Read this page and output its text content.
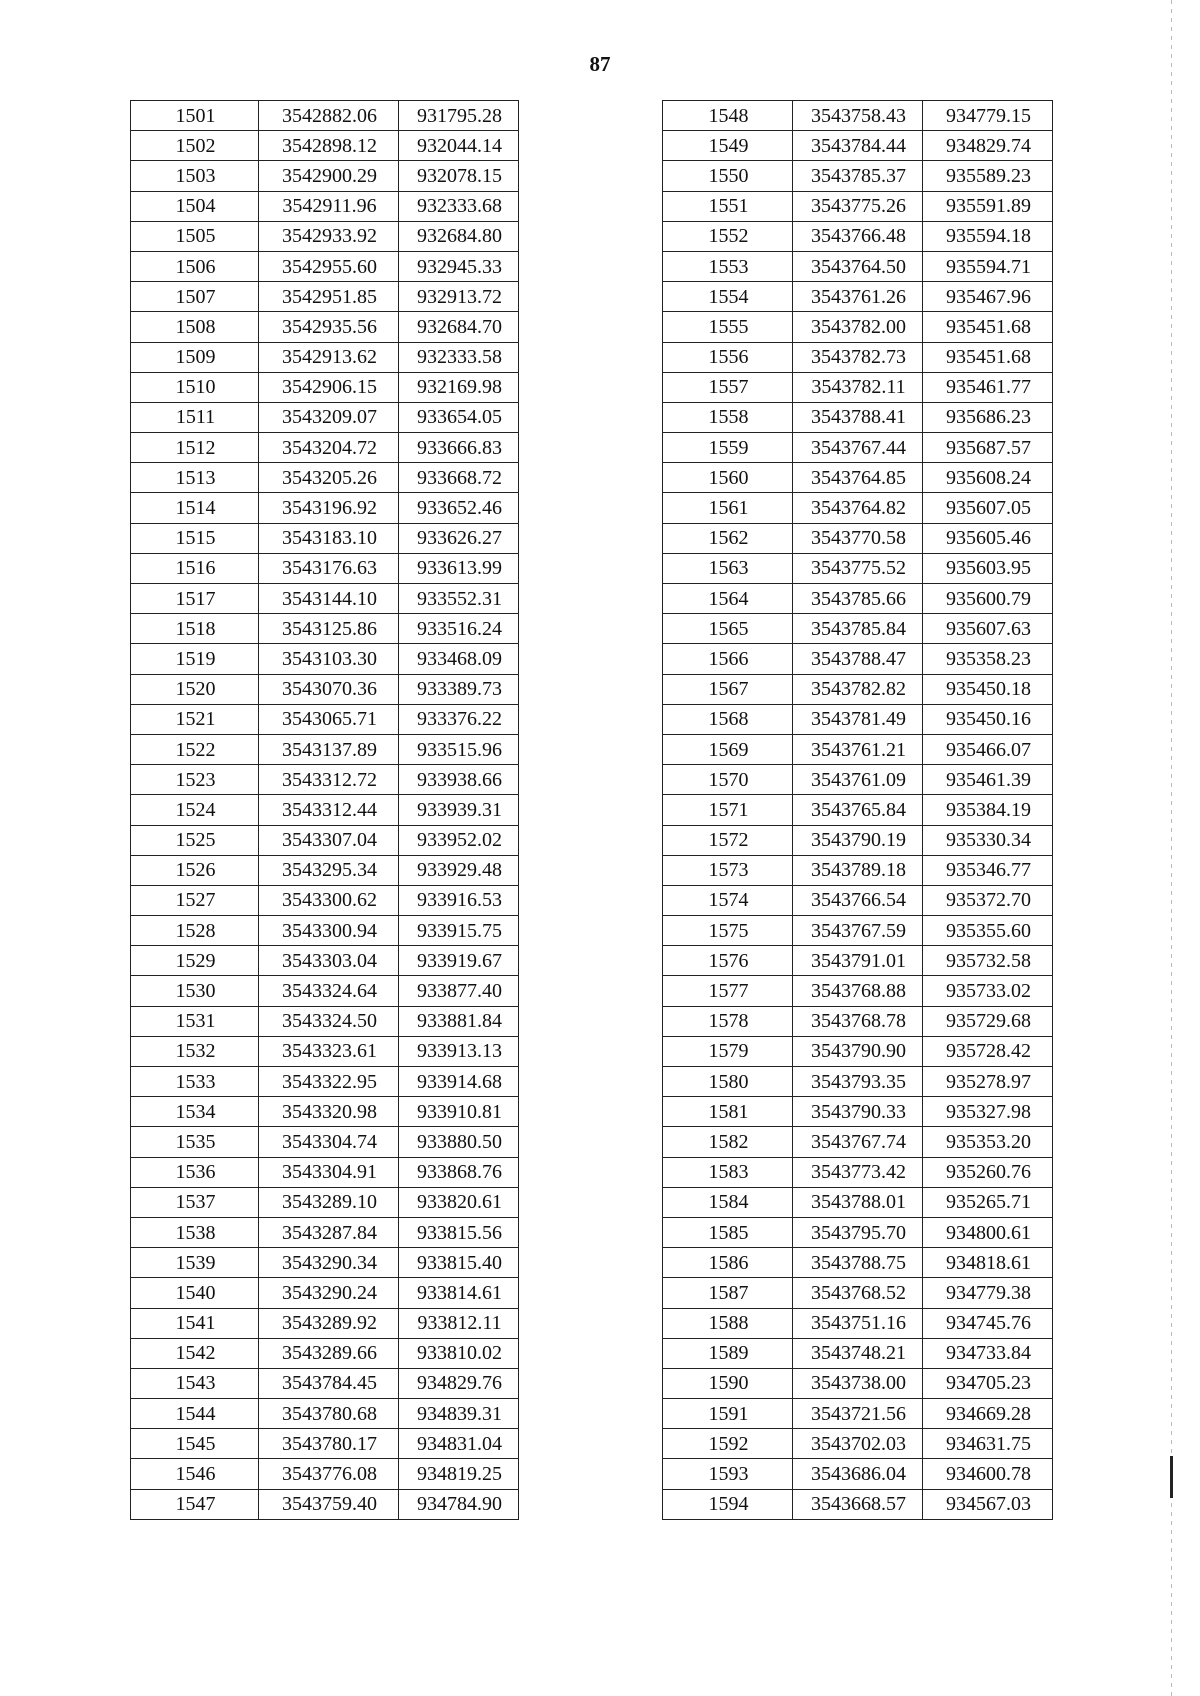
87
1501	3542882.06	931795.28
1502	3542898.12	932044.14
1503	3542900.29	932078.15
1504	3542911.96	932333.68
1505	3542933.92	932684.80
1506	3542955.60	932945.33
1507	3542951.85	932913.72
1508	3542935.56	932684.70
1509	3542913.62	932333.58
1510	3542906.15	932169.98
1511	3543209.07	933654.05
1512	3543204.72	933666.83
1513	3543205.26	933668.72
1514	3543196.92	933652.46
1515	3543183.10	933626.27
1516	3543176.63	933613.99
1517	3543144.10	933552.31
1518	3543125.86	933516.24
1519	3543103.30	933468.09
1520	3543070.36	933389.73
1521	3543065.71	933376.22
1522	3543137.89	933515.96
1523	3543312.72	933938.66
1524	3543312.44	933939.31
1525	3543307.04	933952.02
1526	3543295.34	933929.48
1527	3543300.62	933916.53
1528	3543300.94	933915.75
1529	3543303.04	933919.67
1530	3543324.64	933877.40
1531	3543324.50	933881.84
1532	3543323.61	933913.13
1533	3543322.95	933914.68
1534	3543320.98	933910.81
1535	3543304.74	933880.50
1536	3543304.91	933868.76
1537	3543289.10	933820.61
1538	3543287.84	933815.56
1539	3543290.34	933815.40
1540	3543290.24	933814.61
1541	3543289.92	933812.11
1542	3543289.66	933810.02
1543	3543784.45	934829.76
1544	3543780.68	934839.31
1545	3543780.17	934831.04
1546	3543776.08	934819.25
1547	3543759.40	934784.90
1548	3543758.43	934779.15
1549	3543784.44	934829.74
1550	3543785.37	935589.23
1551	3543775.26	935591.89
1552	3543766.48	935594.18
1553	3543764.50	935594.71
1554	3543761.26	935467.96
1555	3543782.00	935451.68
1556	3543782.73	935451.68
1557	3543782.11	935461.77
1558	3543788.41	935686.23
1559	3543767.44	935687.57
1560	3543764.85	935608.24
1561	3543764.82	935607.05
1562	3543770.58	935605.46
1563	3543775.52	935603.95
1564	3543785.66	935600.79
1565	3543785.84	935607.63
1566	3543788.47	935358.23
1567	3543782.82	935450.18
1568	3543781.49	935450.16
1569	3543761.21	935466.07
1570	3543761.09	935461.39
1571	3543765.84	935384.19
1572	3543790.19	935330.34
1573	3543789.18	935346.77
1574	3543766.54	935372.70
1575	3543767.59	935355.60
1576	3543791.01	935732.58
1577	3543768.88	935733.02
1578	3543768.78	935729.68
1579	3543790.90	935728.42
1580	3543793.35	935278.97
1581	3543790.33	935327.98
1582	3543767.74	935353.20
1583	3543773.42	935260.76
1584	3543788.01	935265.71
1585	3543795.70	934800.61
1586	3543788.75	934818.61
1587	3543768.52	934779.38
1588	3543751.16	934745.76
1589	3543748.21	934733.84
1590	3543738.00	934705.23
1591	3543721.56	934669.28
1592	3543702.03	934631.75
1593	3543686.04	934600.78
1594	3543668.57	934567.03
